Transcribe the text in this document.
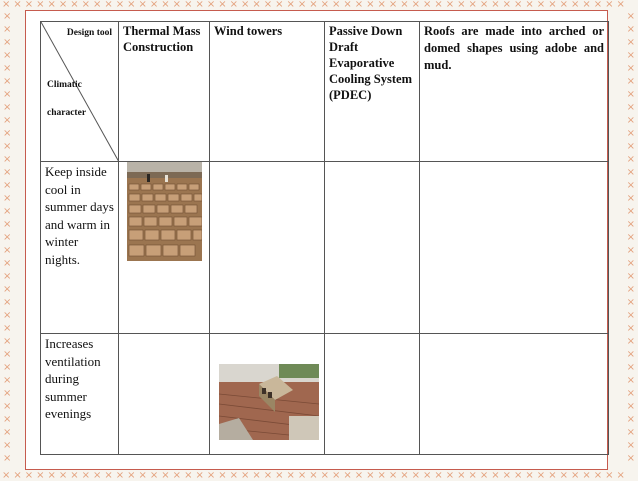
×××××××××××××××××××××××××××××××××××××××××××××××××××××××
×××××××××××××××××××××××××××××××××××××××××××××××××××××××
×
×
×
×
×
×
×
×
×
×
×
×
×
×
×
×
×
×
×
×
×
×
×
×
×
×
×
×
×
×
×
×
×
×
×
×
×
×
×
×
×
×
×
×
×
×
×
×
×
×
×
×
×
×
×
×
×
×
×
×
×
×
×
×
×
×
×
×
×
×
Design tool
Climatic
character	Thermal Mass Construction	Wind towers	Passive Down Draft Evaporative Cooling System (PDEC)	Roofs are made into arched or domed shapes using adobe and mud.
Keep inside cool in summer days and warm in winter nights.	

Increases ventilation during summer evenings		
